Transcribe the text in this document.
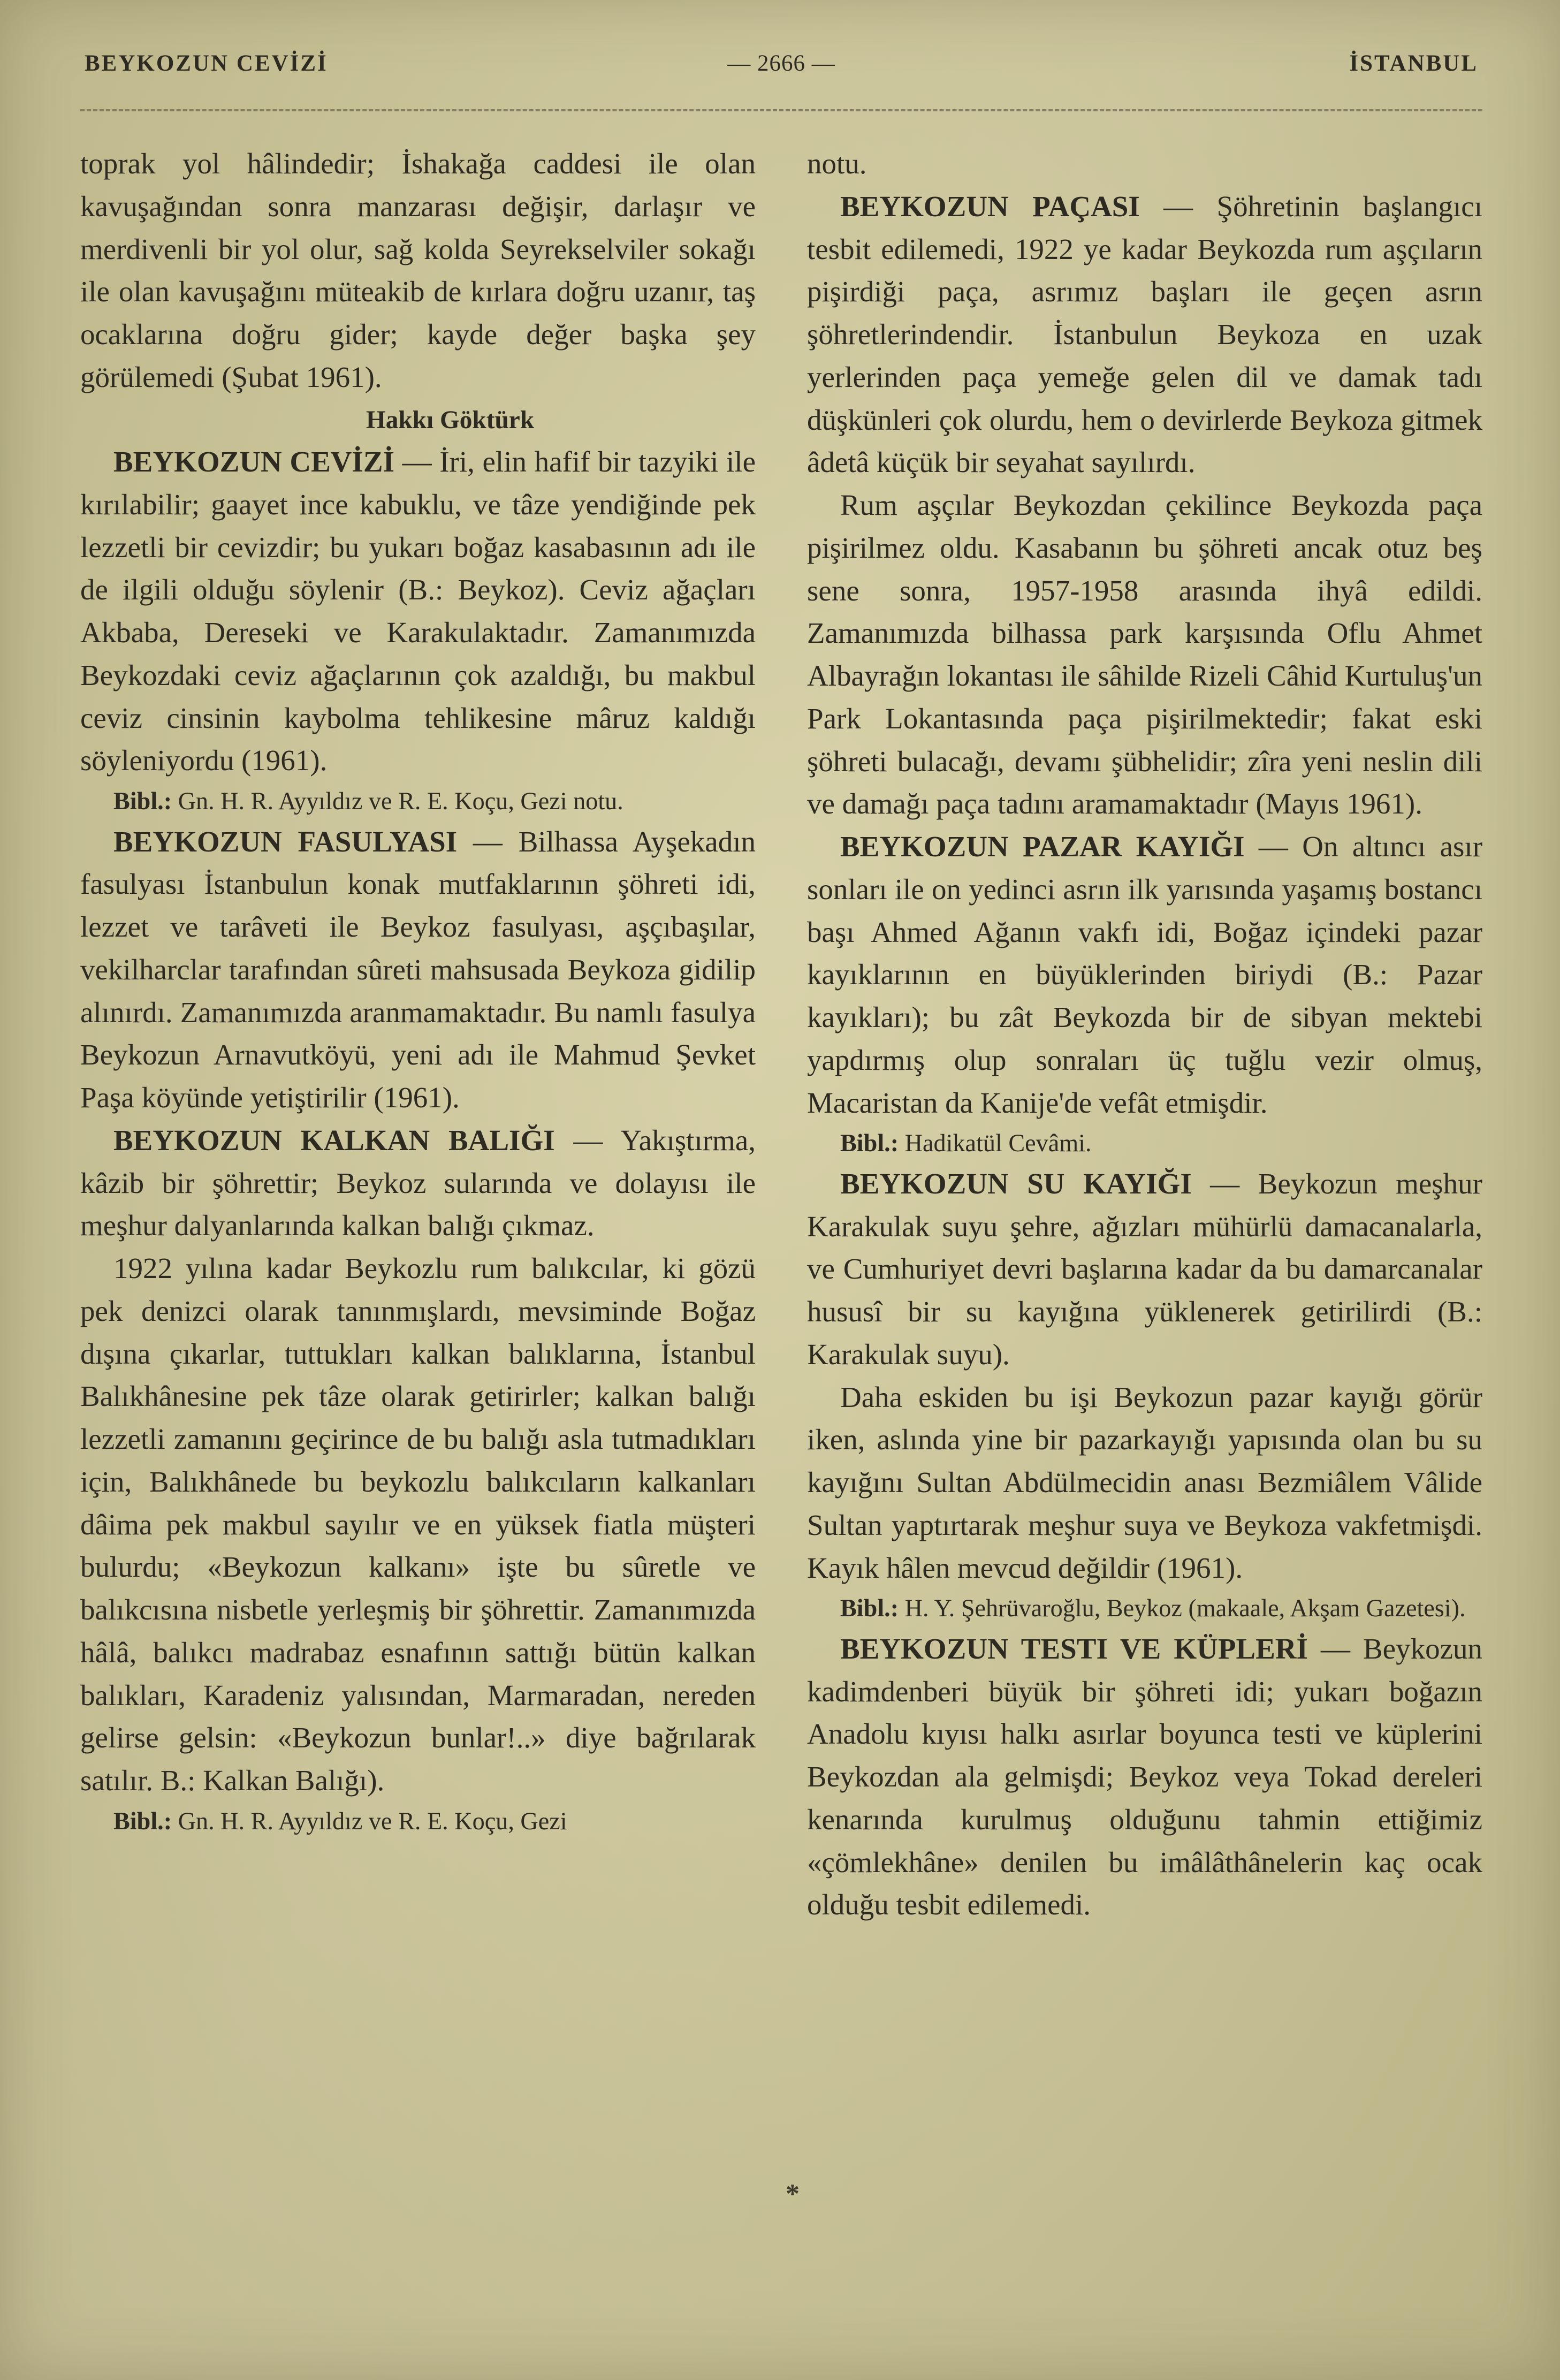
BEYKOZUN CEVİZİ	— 2666 —	İSTANBUL

toprak yol hâlindedir; İshakağa caddesi ile olan kavuşağından sonra manzarası değişir, darlaşır ve merdivenli bir yol olur, sağ kolda Seyrekselviler sokağı ile olan kavuşağını müteakib de kırlara doğru uzanır, taş ocaklarına doğru gider; kayde değer başka şey görülemedi (Şubat 1961).

Hakkı Göktürk

BEYKOZUN CEVİZİ — İri, elin hafif bir tazyiki ile kırılabilir; gaayet ince kabuklu, ve tâze yendiğinde pek lezzetli bir cevizdir; bu yukarı boğaz kasabasının adı ile de ilgili olduğu söylenir (B.: Beykoz). Ceviz ağaçları Akbaba, Dereseki ve Karakulaktadır. Zamanımızda Beykozdaki ceviz ağaçlarının çok azaldığı, bu makbul ceviz cinsinin kaybolma tehlikesine mâruz kaldığı söyleniyordu (1961).

Bibl.: Gn. H. R. Ayyıldız ve R. E. Koçu, Gezi notu.

BEYKOZUN FASULYASI — Bilhassa Ayşekadın fasulyası İstanbulun konak mutfaklarının şöhreti idi, lezzet ve tarâveti ile Beykoz fasulyası, aşçıbaşılar, vekilharclar tarafından sûreti mahsusada Beykoza gidilip alınırdı. Zamanımızda aranmamaktadır. Bu namlı fasulya Beykozun Arnavutköyü, yeni adı ile Mahmud Şevket Paşa köyünde yetiştirilir (1961).

BEYKOZUN KALKAN BALIĞI — Yakıştırma, kâzib bir şöhrettir; Beykoz sularında ve dolayısı ile meşhur dalyanlarında kalkan balığı çıkmaz.

1922 yılına kadar Beykozlu rum balıkcılar, ki gözü pek denizci olarak tanınmışlardı, mevsiminde Boğaz dışına çıkarlar, tuttukları kalkan balıklarına, İstanbul Balıkhânesine pek tâze olarak getirirler; kalkan balığı lezzetli zamanını geçirince de bu balığı asla tutmadıkları için, Balıkhânede bu beykozlu balıkcıların kalkanları dâima pek makbul sayılır ve en yüksek fiatla müşteri bulurdu; «Beykozun kalkanı» işte bu sûretle ve balıkcısına nisbetle yerleşmiş bir şöhrettir. Zamanımızda hâlâ, balıkcı madrabaz esnafının sattığı bütün kalkan balıkları, Karadeniz yalısından, Marmaradan, nereden gelirse gelsin: «Beykozun bunlar!..» diye bağrılarak satılır. B.: Kalkan Balığı).

Bibl.: Gn. H. R. Ayyıldız ve R. E. Koçu, Gezi

notu.

BEYKOZUN PAÇASI — Şöhretinin başlangıcı tesbit edilemedi, 1922 ye kadar Beykozda rum aşçıların pişirdiği paça, asrımız başları ile geçen asrın şöhretlerindendir. İstanbulun Beykoza en uzak yerlerinden paça yemeğe gelen dil ve damak tadı düşkünleri çok olurdu, hem o devirlerde Beykoza gitmek âdetâ küçük bir seyahat sayılırdı.

Rum aşçılar Beykozdan çekilince Beykozda paça pişirilmez oldu. Kasabanın bu şöhreti ancak otuz beş sene sonra, 1957-1958 arasında ihyâ edildi. Zamanımızda bilhassa park karşısında Oflu Ahmet Albayrağın lokantası ile sâhilde Rizeli Câhid Kurtuluş'un Park Lokantasında paça pişirilmektedir; fakat eski şöhreti bulacağı, devamı şübhelidir; zîra yeni neslin dili ve damağı paça tadını aramamaktadır (Mayıs 1961).

BEYKOZUN PAZAR KAYIĞI — On altıncı asır sonları ile on yedinci asrın ilk yarısında yaşamış bostancı başı Ahmed Ağanın vakfı idi, Boğaz içindeki pazar kayıklarının en büyüklerinden biriydi (B.: Pazar kayıkları); bu zât Beykozda bir de sibyan mektebi yapdırmış olup sonraları üç tuğlu vezir olmuş, Macaristan da Kanije'de vefât etmişdir.

Bibl.: Hadikatül Cevâmi.

BEYKOZUN SU KAYIĞI — Beykozun meşhur Karakulak suyu şehre, ağızları mühürlü damacanalarla, ve Cumhuriyet devri başlarına kadar da bu damarcanalar hususî bir su kayığına yüklenerek getirilirdi (B.: Karakulak suyu).

Daha eskiden bu işi Beykozun pazar kayığı görür iken, aslında yine bir pazarkayığı yapısında olan bu su kayığını Sultan Abdülmecidin anası Bezmiâlem Vâlide Sultan yaptırtarak meşhur suya ve Beykoza vakfetmişdi. Kayık hâlen mevcud değildir (1961).

Bibl.: H. Y. Şehrüvaroğlu, Beykoz (makaale, Akşam Gazetesi).

BEYKOZUN TESTI VE KÜPLERİ — Beykozun kadimdenberi büyük bir şöhreti idi; yukarı boğazın Anadolu kıyısı halkı asırlar boyunca testi ve küplerini Beykozdan ala gelmişdi; Beykoz veya Tokad dereleri kenarında kurulmuş olduğunu tahmin ettiğimiz «çömlekhâne» denilen bu imâlâthânelerin kaç ocak olduğu tesbit edilemedi.

*
